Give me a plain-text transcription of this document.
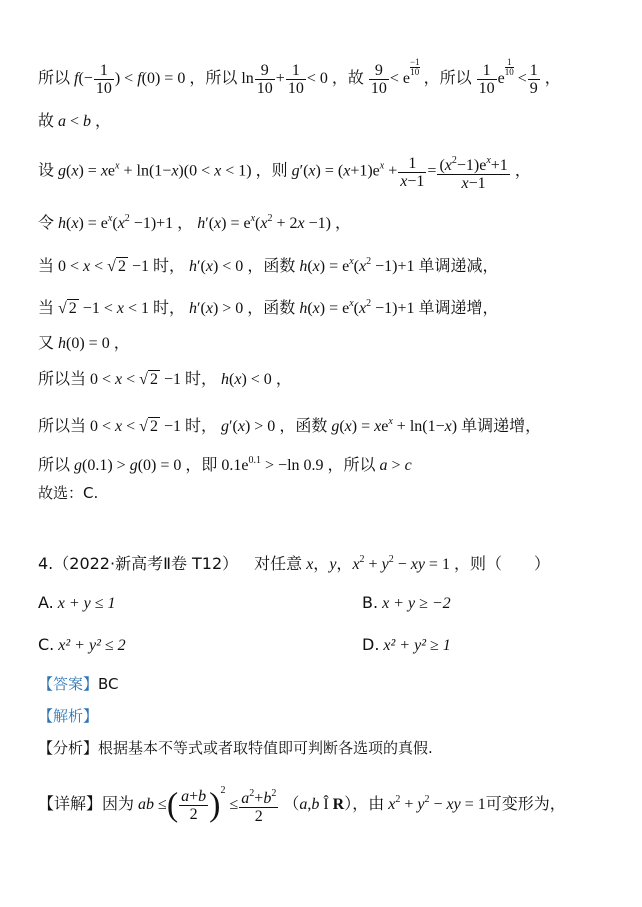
所以 $f(- \frac{1}{10}$ ) < f(0) = 0 ，所以 $\ln \frac{9}{10} + \frac{1}{10} < 0$ ，故 $\frac{9}{10} < e$
$\frac{-1}{10}$
，所以 $\frac{1}{10}$ e
$\frac{1}{10}$
< $\frac{1}{9}$ ，
故 a < b ，
设 $g(x) = xe^x + \ln(1-x)(0 < x < 1)$ ，则 $g'(x) = (x+1)e^x + \frac{1}{x-1} = \frac{(x^2-1)e^x+1}{x-1}$ ，
令 $h(x) = e^x(x^2 -1)+1$ ， $h'(x) = e^x(x^2 + 2x -1)$ ，
当 0 < x < √ 2 −1 时， h′(x) < 0 ，函数 $h(x) = e^x(x^2 -1)+1$ 单调递减，
当 √ 2 −1 < x < 1 时， h′(x) > 0 ，函数 $h(x) = e^x(x^2 -1)+1$ 单调递增，
又 h(0) = 0 ，
所以当 0 < x < √ 2 −1 时， h(x) < 0 ，
所以当 0 < x < √ 2 −1 时， g′(x) > 0 ，函数 $g(x) = xe^x + \ln(1-x)$ 单调递增，
所以 g(0.1) > g(0) = 0 ，即 $0.1e^{0.1} > -\ln$ 0.9 ，所以 a > c
故选：C.
4.（2022·新高考Ⅱ卷 T12） 对任意 x，y，$x^2 + y^2$ − xy = 1 ，则（　　）
A. x + y ≤ 1	B. x + y ≥ −2
C. x² + y² ≤ 2	D. x² + y² ≥ 1
【答案】BC
【解析】
【分析】根据基本不等式或者取特值即可判断各选项的真假.
【详解】因为 ab ≤( $\frac{a+b}{2} )^2 \le \frac{a^2+b^2}{2} (a,b$ Î R），由 $x^2 + y^2$ − xy = 1可变形为，
